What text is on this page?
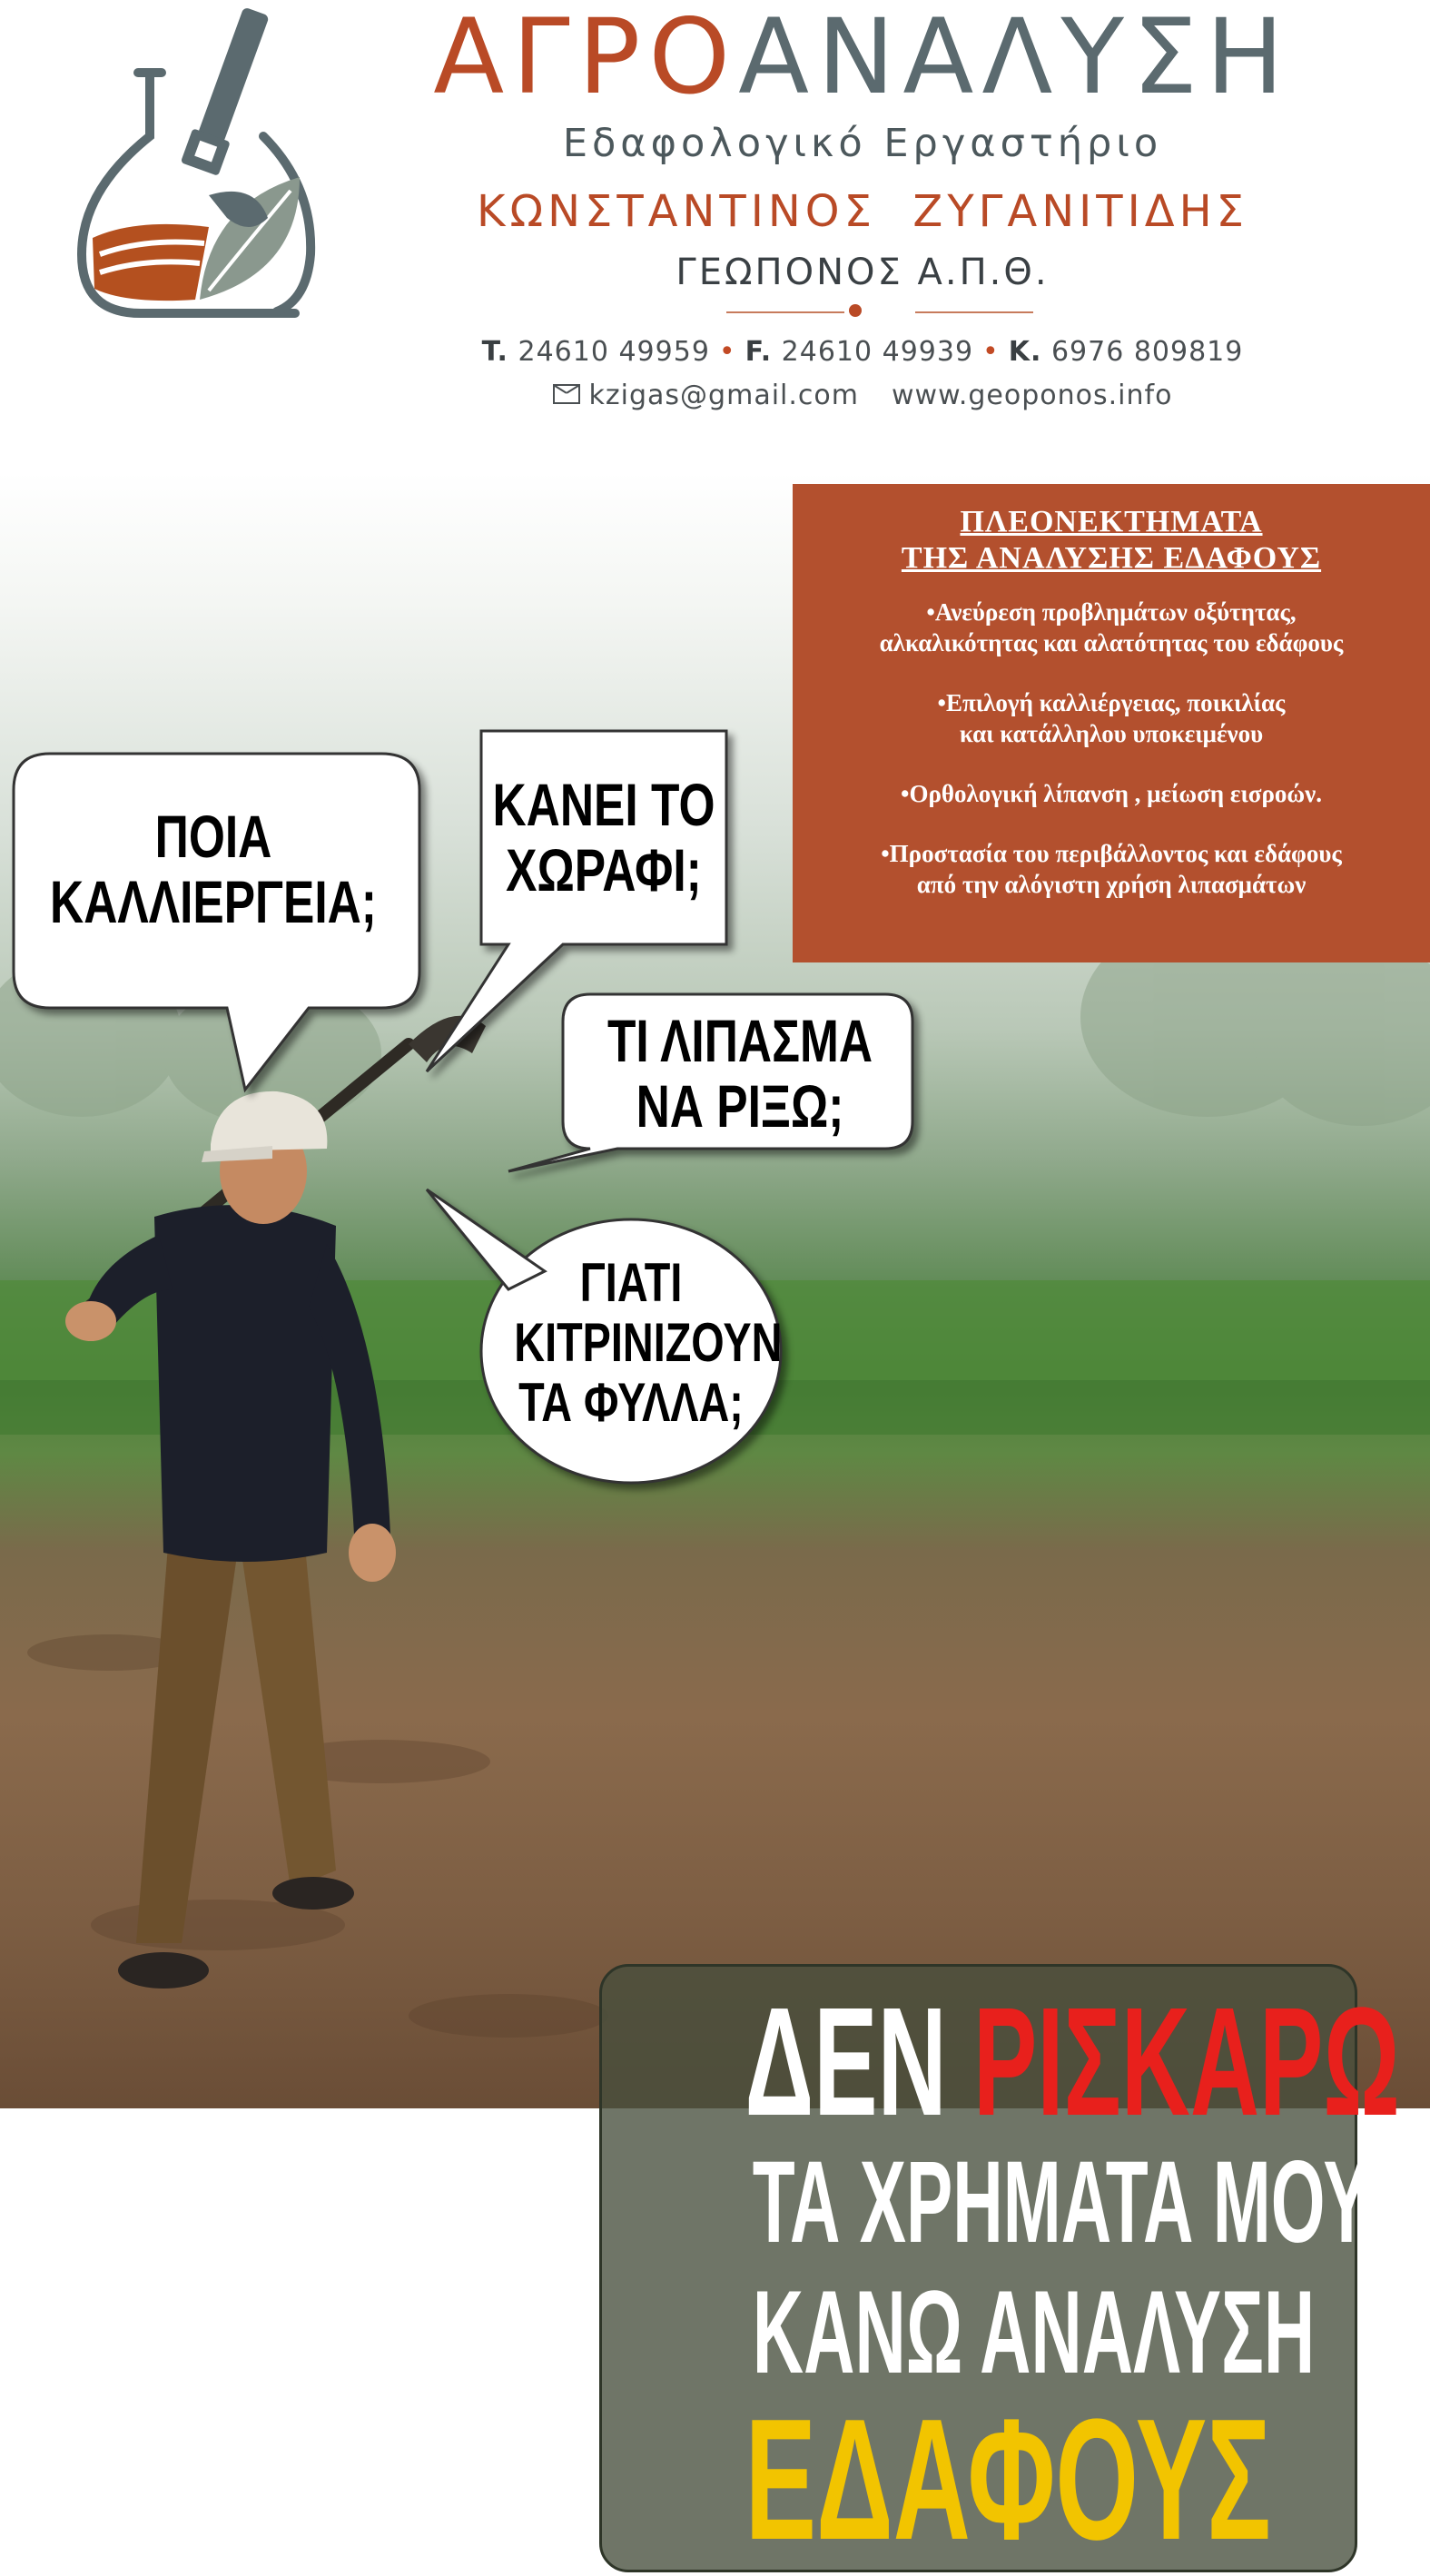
ΑΓΡΟΑΝΑΛΥΣΗ
Εδαφολογικό Εργαστήριο
ΚΩΝΣΤΑΝΤΙΝΟΣ  ΖΥΓΑΝΙΤΙΔΗΣ
ΓΕΩΠΟΝΟΣ Α.Π.Θ.
T. 24610 49959 • F. 24610 49939 • K. 6976 809819
kzigas@gmail.com www.geoponos.info
ΠΟΙΑ
ΚΑΛΛΙΕΡΓΕΙΑ;
ΚΑΝΕΙ ΤΟ
ΧΩΡΑΦΙ;
ΤΙ ΛΙΠΑΣΜΑ
ΝΑ ΡΙΞΩ;
ΓΙΑΤΙ
ΚΙΤΡΙΝΙΖΟΥΝ
ΤΑ ΦΥΛΛΑ;
ΔΕΝ ΡΙΣΚΑΡΩ
ΤΑ ΧΡΗΜΑΤΑ ΜΟΥ
ΚΑΝΩ ΑΝΑΛΥΣΗ
ΕΔΑΦΟΥΣ
ΠΛΕΟΝΕΚΤΗΜΑΤΑ
ΤΗΣ ΑΝΑΛΥΣΗΣ ΕΔΑΦΟΥΣ
•Ανεύρεση προβλημάτων οξύτητας,
αλκαλικότητας και αλατότητας του εδάφους
•Επιλογή καλλιέργειας, ποικιλίας
και κατάλληλου υποκειμένου
•Ορθολογική λίπανση , μείωση εισροών.
•Προστασία του περιβάλλοντος και εδάφους
από την αλόγιστη χρήση λιπασμάτων
